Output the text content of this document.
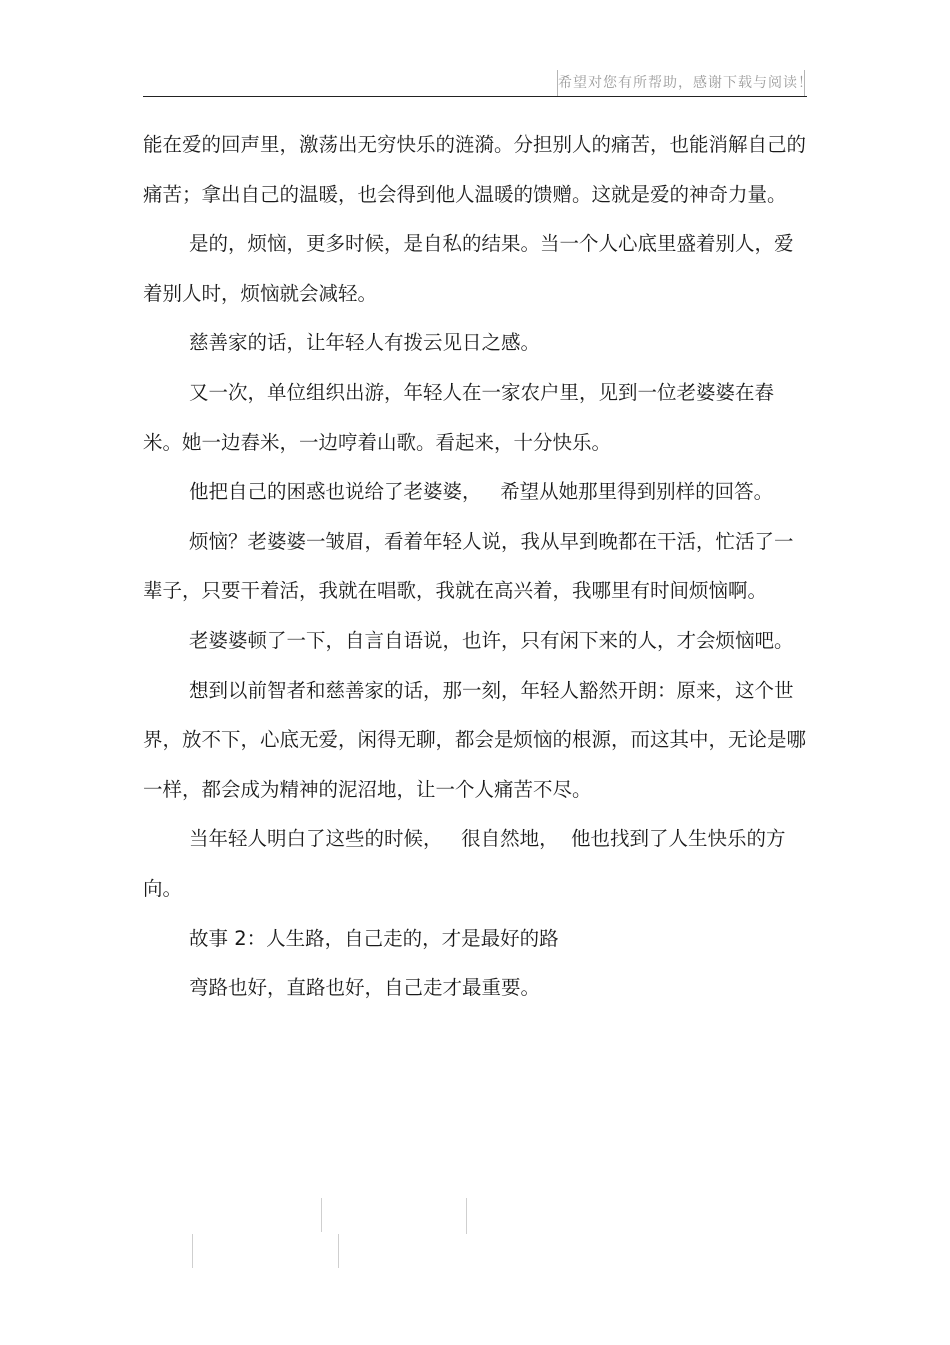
希望对您有所帮助，感谢下载与阅读！

能在爱的回声里，激荡出无穷快乐的涟漪。分担别人的痛苦，也能消解自己的痛苦；拿出自己的温暖，也会得到他人温暖的馈赠。这就是爱的神奇力量。

是的，烦恼，更多时候，是自私的结果。当一个人心底里盛着别人，爱着别人时，烦恼就会减轻。

慈善家的话，让年轻人有拨云见日之感。

又一次，单位组织出游，年轻人在一家农户里，见到一位老婆婆在舂米。她一边舂米，一边哼着山歌。看起来，十分快乐。

他把自己的困惑也说给了老婆婆，   希望从她那里得到别样的回答。

烦恼？老婆婆一皱眉，看着年轻人说，我从早到晚都在干活，忙活了一辈子，只要干着活，我就在唱歌，我就在高兴着，我哪里有时间烦恼啊。

老婆婆顿了一下，自言自语说，也许，只有闲下来的人，才会烦恼吧。

想到以前智者和慈善家的话，那一刻，年轻人豁然开朗：原来，这个世界，放不下，心底无爱，闲得无聊，都会是烦恼的根源，而这其中，无论是哪一样，都会成为精神的泥沼地，让一个人痛苦不尽。

当年轻人明白了这些的时候，   很自然地，  他也找到了人生快乐的方向。

故事 2：人生路，自己走的，才是最好的路

弯路也好，直路也好，自己走才最重要。
